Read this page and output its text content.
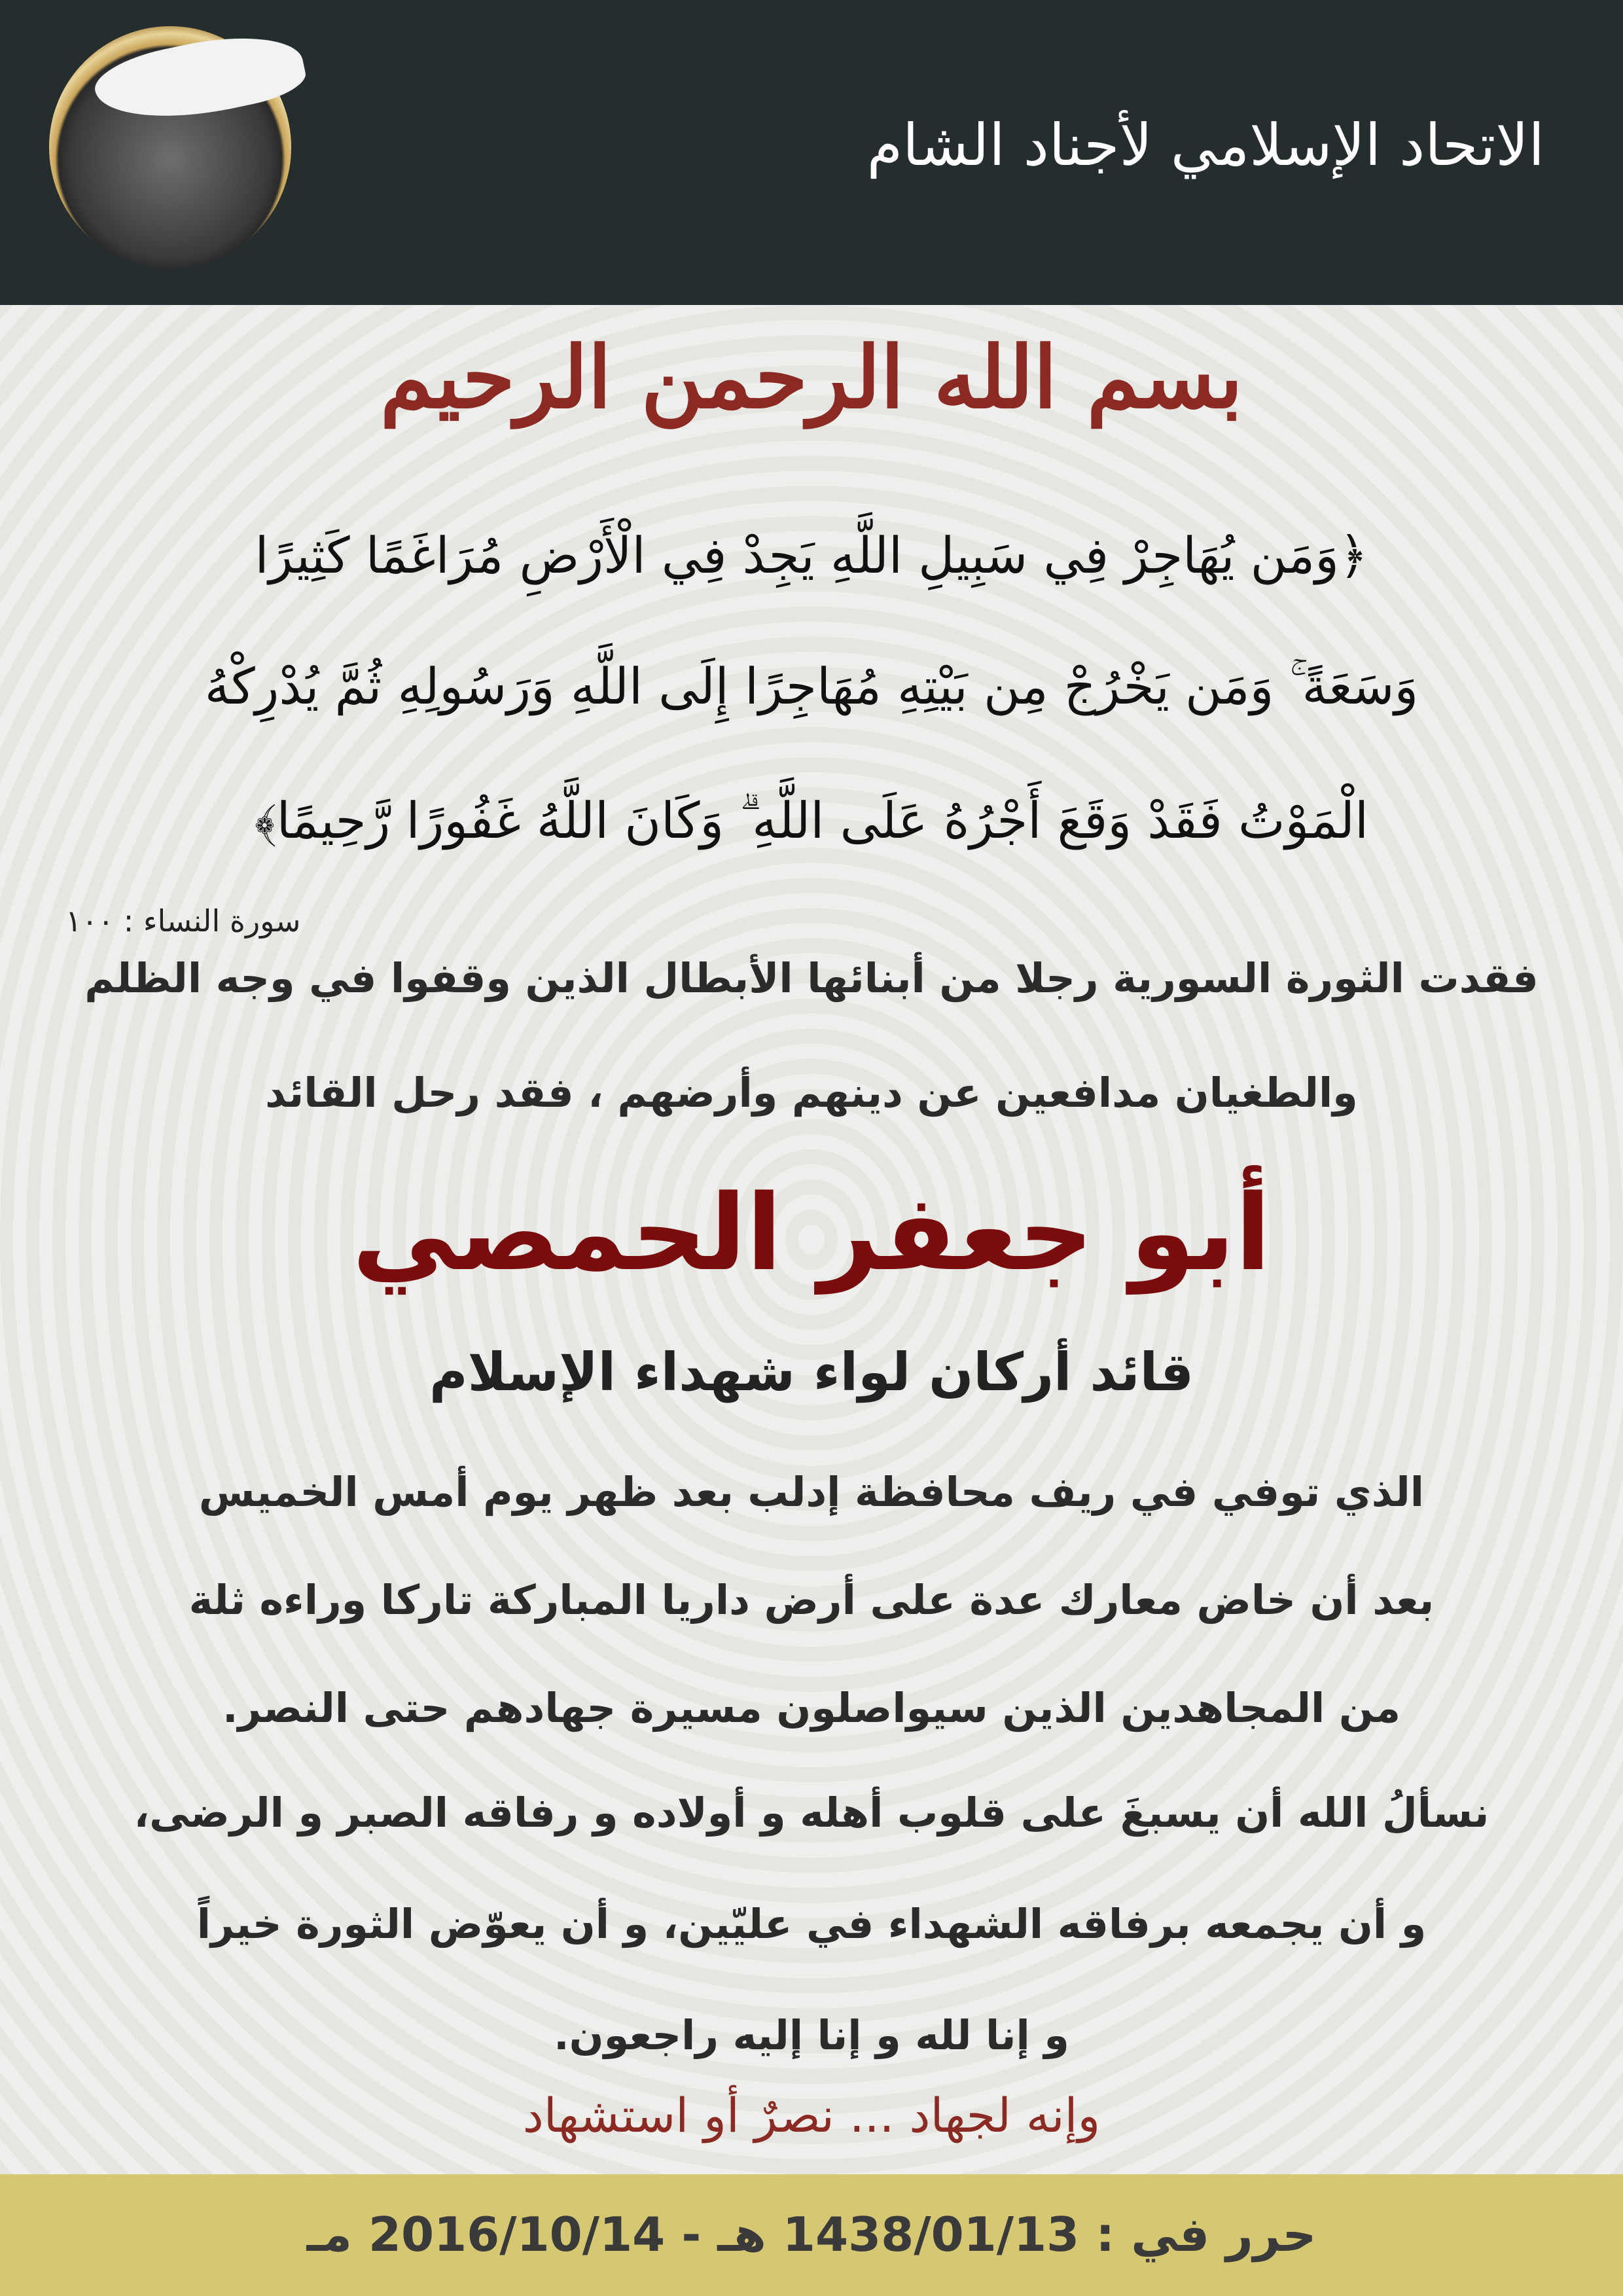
الاتحاد الإسلامي لأجناد الشام
بسم الله الرحمن الرحيم
﴿وَمَن يُهَاجِرْ فِي سَبِيلِ اللَّهِ يَجِدْ فِي الْأَرْضِ مُرَاغَمًا كَثِيرًا
وَسَعَةً ۚ وَمَن يَخْرُجْ مِن بَيْتِهِ مُهَاجِرًا إِلَى اللَّهِ وَرَسُولِهِ ثُمَّ يُدْرِكْهُ
الْمَوْتُ فَقَدْ وَقَعَ أَجْرُهُ عَلَى اللَّهِ ۗ وَكَانَ اللَّهُ غَفُورًا رَّحِيمًا﴾
سورة النساء : ١٠٠
فقدت الثورة السورية رجلا من أبنائها الأبطال الذين وقفوا في وجه الظلم
والطغيان مدافعين عن دينهم وأرضهم ، فقد رحل القائد
أبو جعفر الحمصي
قائد أركان لواء شهداء الإسلام
الذي توفي في ريف محافظة إدلب بعد ظهر يوم أمس الخميس
بعد أن خاض معارك عدة على أرض داريا المباركة تاركا وراءه ثلة
من المجاهدين الذين سيواصلون مسيرة جهادهم حتى النصر.
نسألُ الله أن يسبغَ على قلوب أهله و أولاده و رفاقه الصبر و الرضى،
و أن يجمعه برفاقه الشهداء في عليّين، و أن يعوّض الثورة خيراً
و إنا لله و إنا إليه راجعون.
وإنه لجهاد ... نصرٌ أو استشهاد
حرر في : 1438/01/13 هـ - 2016/10/14 مـ
